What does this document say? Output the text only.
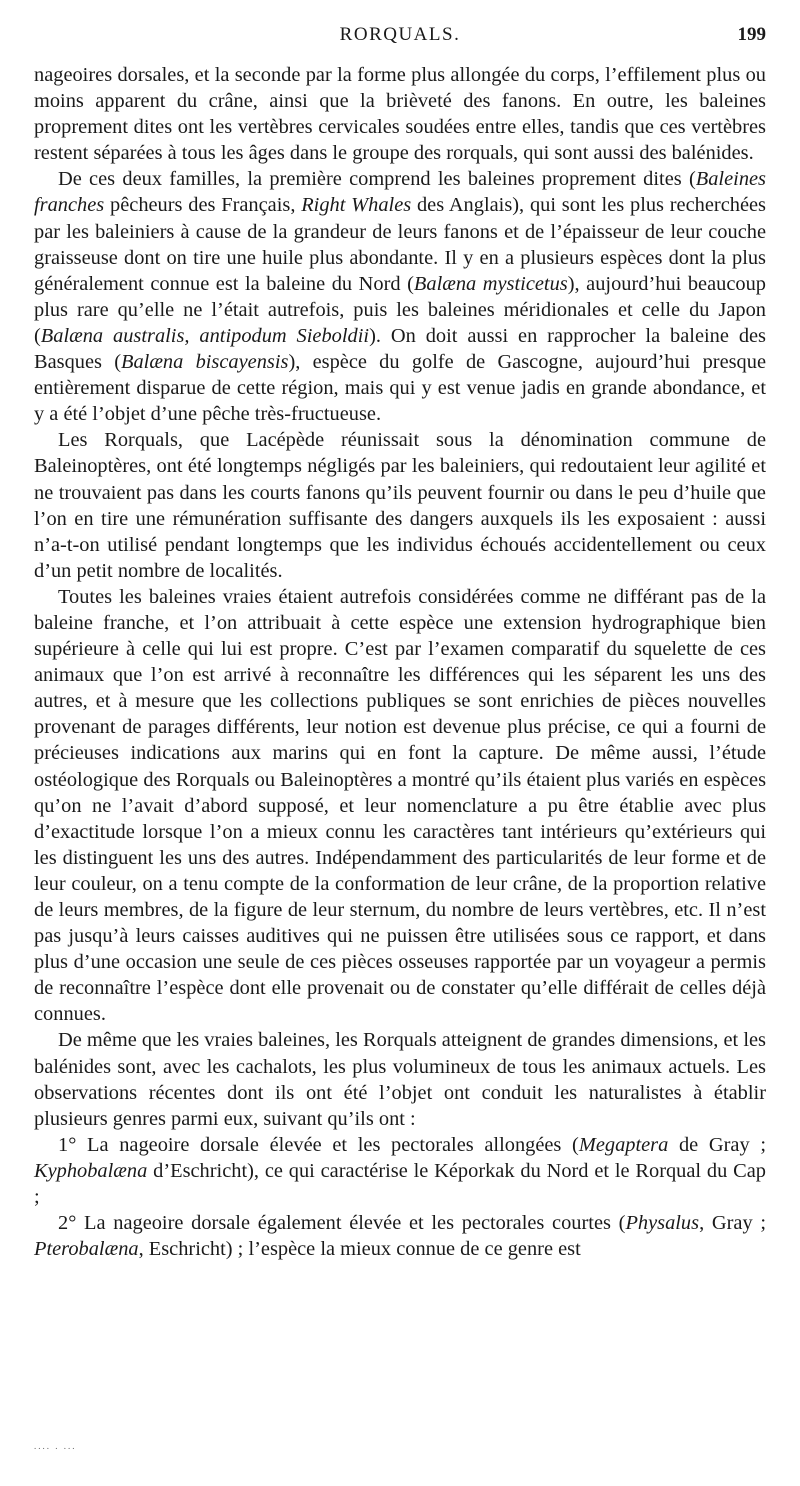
RORQUALS.	199

nageoires dorsales, et la seconde par la forme plus allongée du corps, l’effilement plus ou moins apparent du crâne, ainsi que la brièveté des fanons. En outre, les baleines proprement dites ont les vertèbres cervicales soudées entre elles, tandis que ces vertèbres restent séparées à tous les âges dans le groupe des rorquals, qui sont aussi des balénides.

De ces deux familles, la première comprend les baleines proprement dites (Baleines franches pêcheurs des Français, Right Whales des Anglais), qui sont les plus recherchées par les baleiniers à cause de la grandeur de leurs fanons et de l’épaisseur de leur couche graisseuse dont on tire une huile plus abondante. Il y en a plusieurs espèces dont la plus généralement connue est la baleine du Nord (Balæna mysticetus), aujourd’hui beaucoup plus rare qu’elle ne l’était autrefois, puis les baleines méridionales et celle du Japon (Balæna australis, antipodum Sieboldii). On doit aussi en rapprocher la baleine des Basques (Balæna biscayensis), espèce du golfe de Gascogne, aujourd’hui presque entièrement disparue de cette région, mais qui y est venue jadis en grande abondance, et y a été l’objet d’une pêche très-fructueuse.

Les Rorquals, que Lacépède réunissait sous la dénomination commune de Baleinoptères, ont été longtemps négligés par les baleiniers, qui redoutaient leur agilité et ne trouvaient pas dans les courts fanons qu’ils peuvent fournir ou dans le peu d’huile que l’on en tire une rémunération suffisante des dangers auxquels ils les exposaient : aussi n’a-t-on utilisé pendant longtemps que les individus échoués accidentellement ou ceux d’un petit nombre de localités.

Toutes les baleines vraies étaient autrefois considérées comme ne différant pas de la baleine franche, et l’on attribuait à cette espèce une extension hydrographique bien supérieure à celle qui lui est propre. C’est par l’examen comparatif du squelette de ces animaux que l’on est arrivé à reconnaître les différences qui les séparent les uns des autres, et à mesure que les collections publiques se sont enrichies de pièces nouvelles provenant de parages différents, leur notion est devenue plus précise, ce qui a fourni de précieuses indications aux marins qui en font la capture. De même aussi, l’étude ostéologique des Rorquals ou Baleinoptères a montré qu’ils étaient plus variés en espèces qu’on ne l’avait d’abord supposé, et leur nomenclature a pu être établie avec plus d’exactitude lorsque l’on a mieux connu les caractères tant intérieurs qu’extérieurs qui les distinguent les uns des autres. Indépendamment des particularités de leur forme et de leur couleur, on a tenu compte de la conformation de leur crâne, de la proportion relative de leurs membres, de la figure de leur sternum, du nombre de leurs vertèbres, etc. Il n’est pas jusqu’à leurs caisses auditives qui ne puissen être utilisées sous ce rapport, et dans plus d’une occasion une seule de ces pièces osseuses rapportée par un voyageur a permis de reconnaître l’espèce dont elle provenait ou de constater qu’elle différait de celles déjà connues.

De même que les vraies baleines, les Rorquals atteignent de grandes dimensions, et les balénides sont, avec les cachalots, les plus volumineux de tous les animaux actuels. Les observations récentes dont ils ont été l’objet ont conduit les naturalistes à établir plusieurs genres parmi eux, suivant qu’ils ont :

1° La nageoire dorsale élevée et les pectorales allongées (Megaptera de Gray ; Kyphobalæna d’Eschricht), ce qui caractérise le Képorkak du Nord et le Rorqual du Cap ;

2° La nageoire dorsale également élevée et les pectorales courtes (Physalus, Gray ; Pterobalæna, Eschricht) ; l’espèce la mieux connue de ce genre est

.... . ...
